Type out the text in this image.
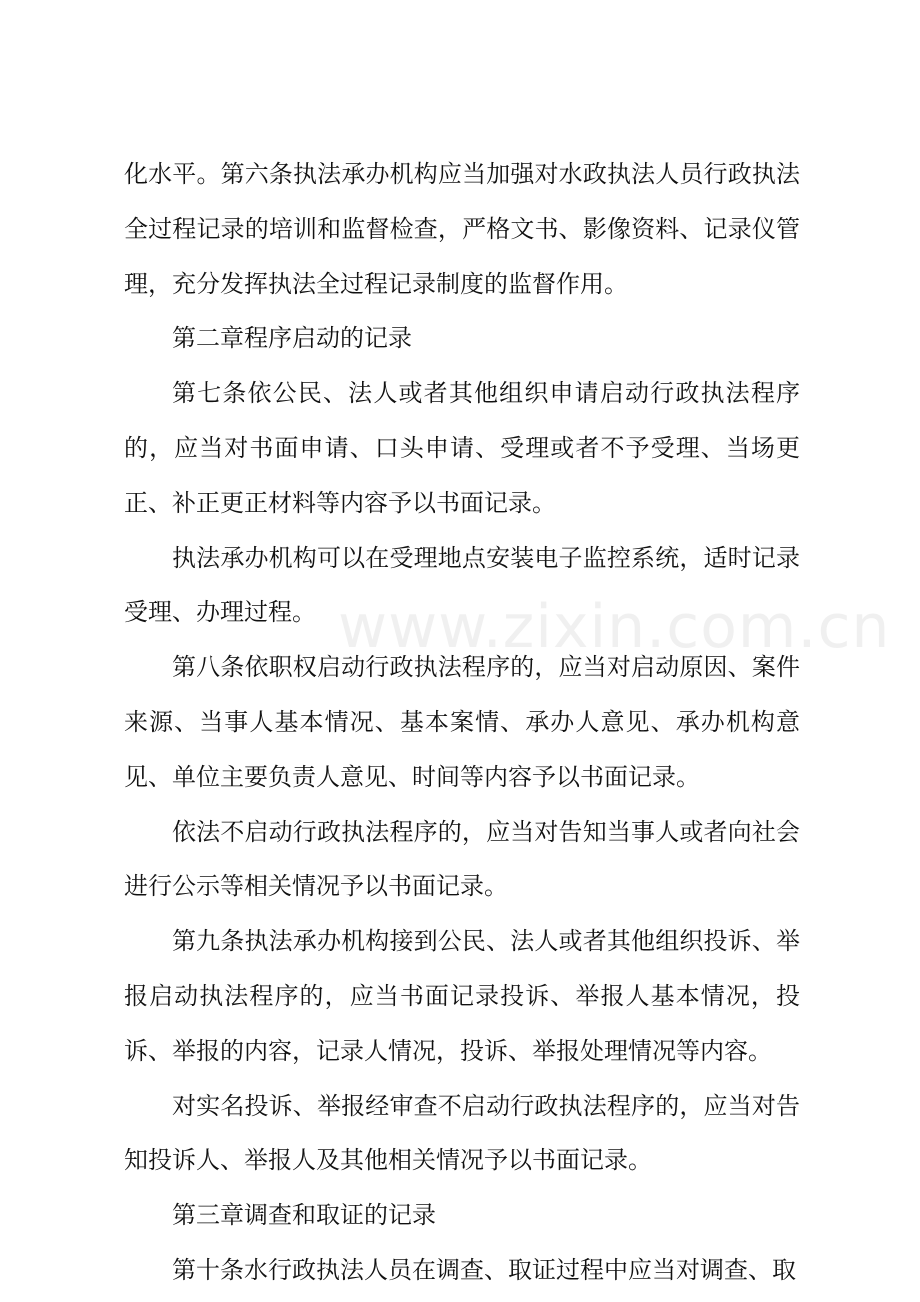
化水平。第六条执法承办机构应当加强对水政执法人员行政执法全过程记录的培训和监督检查，严格文书、影像资料、记录仪管理，充分发挥执法全过程记录制度的监督作用。

第二章程序启动的记录

第七条依公民、法人或者其他组织申请启动行政执法程序的，应当对书面申请、口头申请、受理或者不予受理、当场更正、补正更正材料等内容予以书面记录。

执法承办机构可以在受理地点安装电子监控系统，适时记录受理、办理过程。

第八条依职权启动行政执法程序的，应当对启动原因、案件来源、当事人基本情况、基本案情、承办人意见、承办机构意见、单位主要负责人意见、时间等内容予以书面记录。

依法不启动行政执法程序的，应当对告知当事人或者向社会进行公示等相关情况予以书面记录。

第九条执法承办机构接到公民、法人或者其他组织投诉、举报启动执法程序的，应当书面记录投诉、举报人基本情况，投诉、举报的内容，记录人情况，投诉、举报处理情况等内容。

对实名投诉、举报经审查不启动行政执法程序的，应当对告知投诉人、举报人及其他相关情况予以书面记录。

第三章调查和取证的记录

第十条水行政执法人员在调查、取证过程中应当对调查、取

www.zixin.com.cn
